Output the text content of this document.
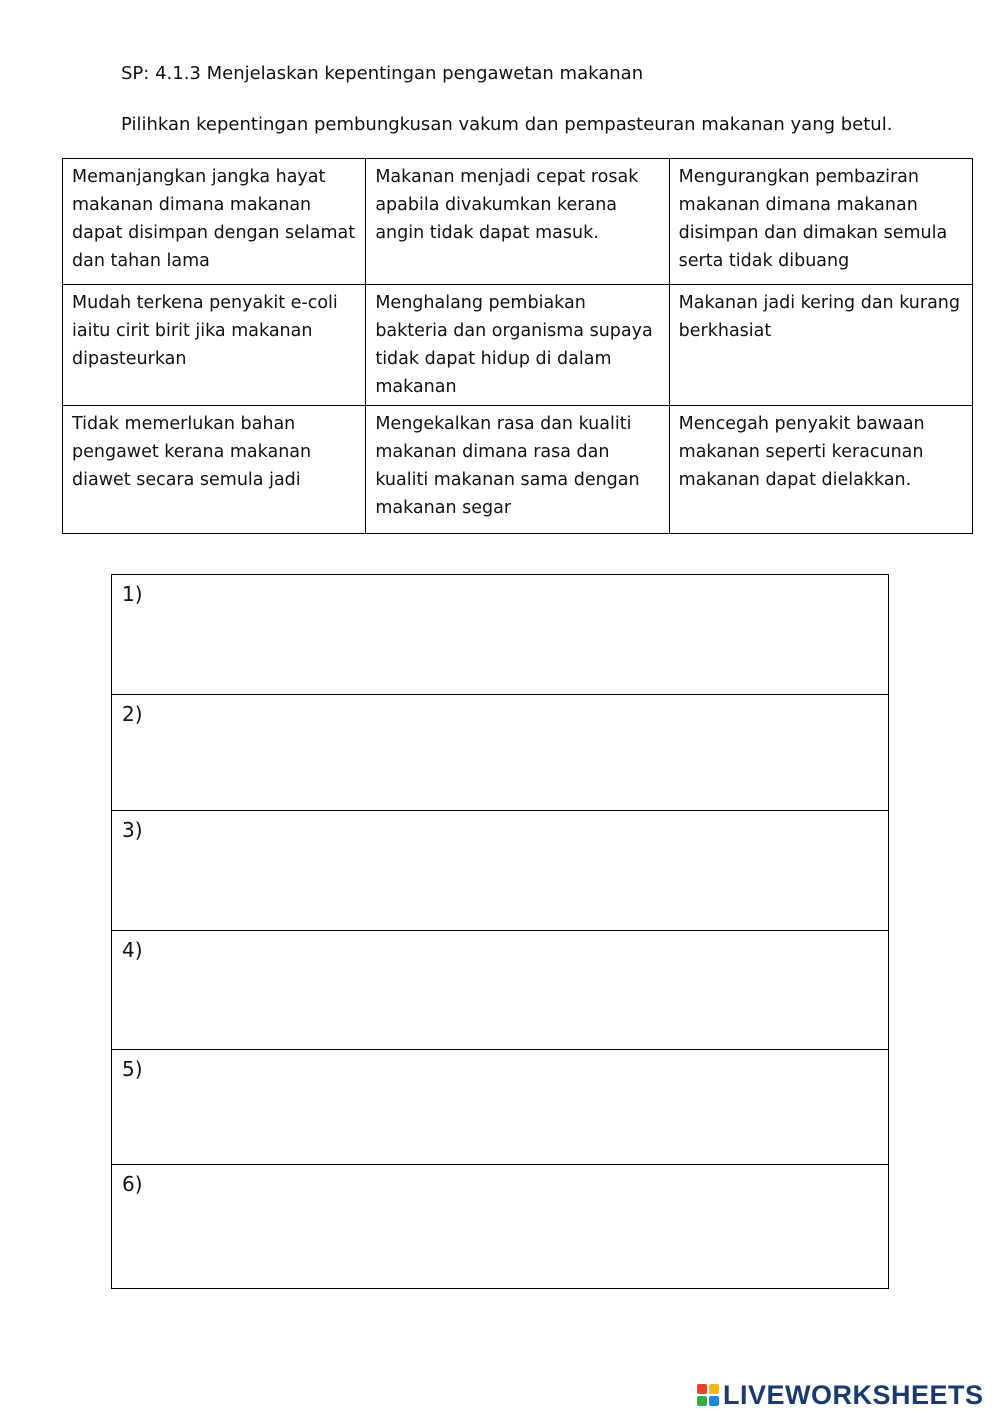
SP: 4.1.3 Menjelaskan kepentingan pengawetan makanan
Pilihkan kepentingan pembungkusan vakum dan pempasteuran makanan yang betul.
Memanjangkan jangka hayat makanan dimana makanan dapat disimpan dengan selamat dan tahan lama	Makanan menjadi cepat rosak apabila divakumkan kerana angin tidak dapat masuk.	Mengurangkan pembaziran makanan dimana makanan disimpan dan dimakan semula serta tidak dibuang
Mudah terkena penyakit e-coli iaitu cirit birit jika makanan dipasteurkan	Menghalang pembiakan bakteria dan organisma supaya tidak dapat hidup di dalam makanan	Makanan jadi kering dan kurang berkhasiat
Tidak memerlukan bahan pengawet kerana makanan diawet secara semula jadi	Mengekalkan rasa dan kualiti makanan dimana rasa dan kualiti makanan sama dengan makanan segar	Mencegah penyakit bawaan makanan seperti keracunan makanan dapat dielakkan.
1)
2)
3)
4)
5)
6)
LIVEWORKSHEETS
